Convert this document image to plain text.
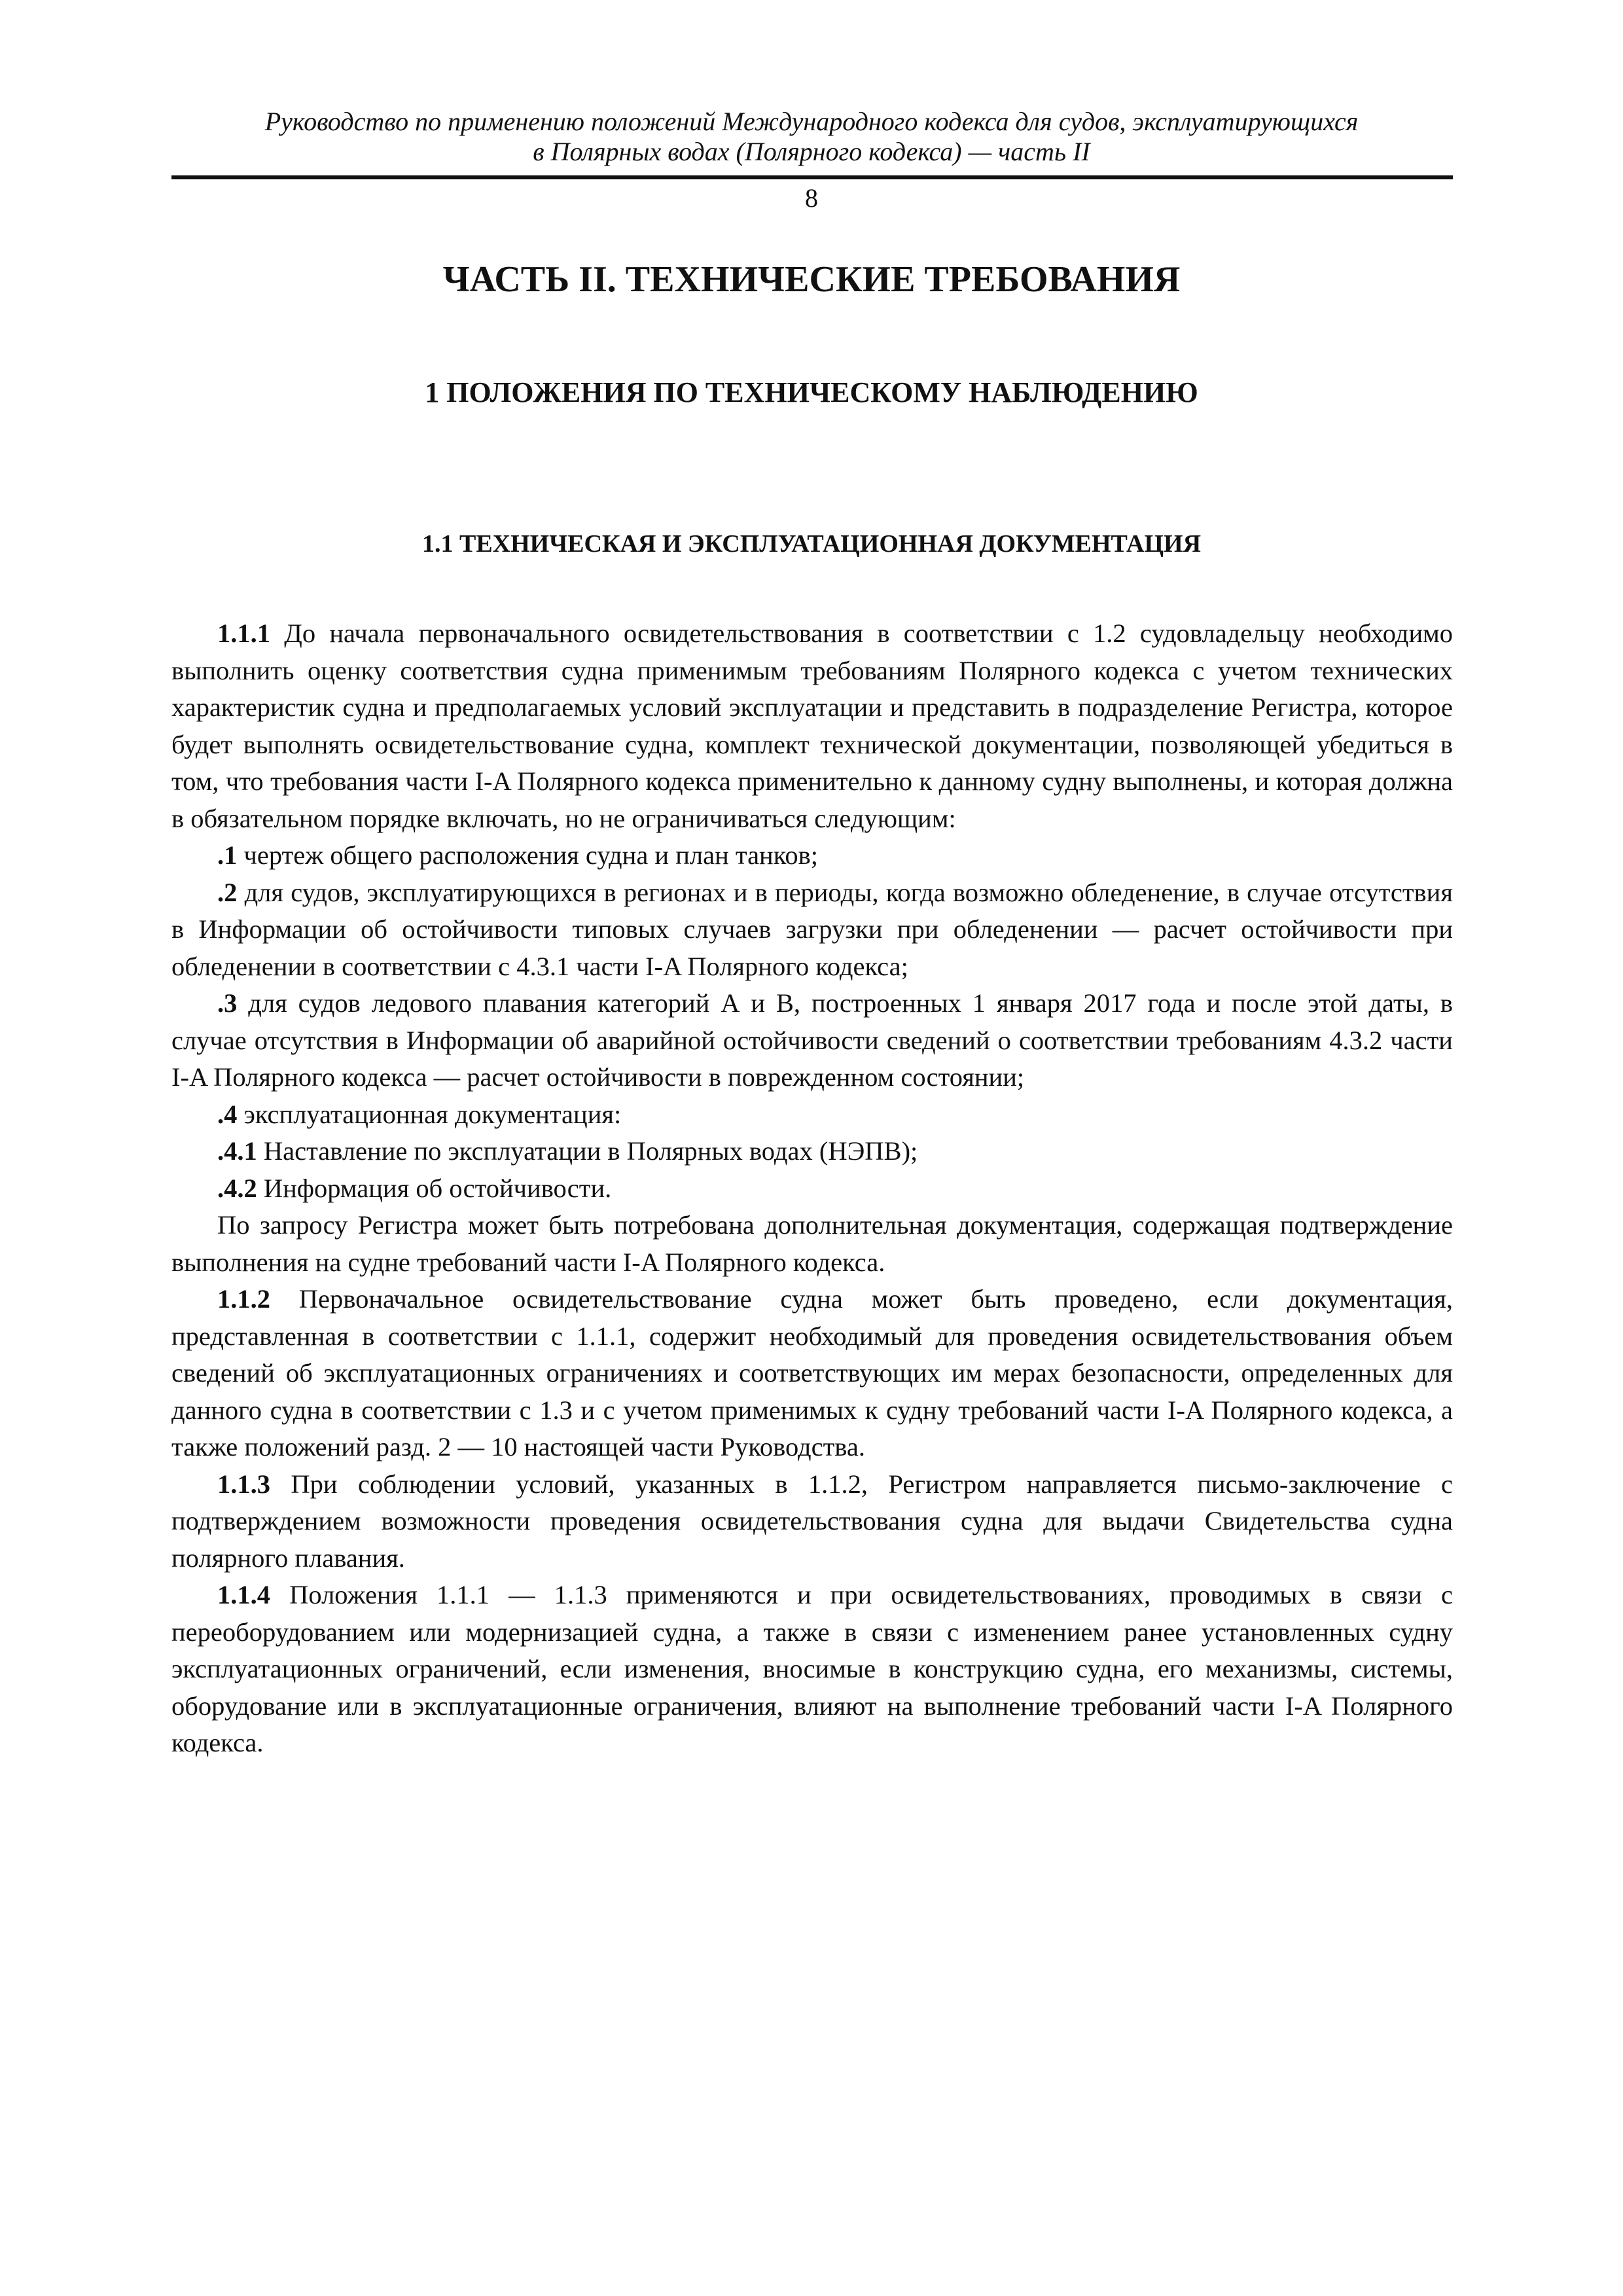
Руководство по применению положений Международного кодекса для судов, эксплуатирующихся
в Полярных водах (Полярного кодекса) — часть II
8
ЧАСТЬ II. ТЕХНИЧЕСКИЕ ТРЕБОВАНИЯ
1 ПОЛОЖЕНИЯ ПО ТЕХНИЧЕСКОМУ НАБЛЮДЕНИЮ
1.1 ТЕХНИЧЕСКАЯ И ЭКСПЛУАТАЦИОННАЯ ДОКУМЕНТАЦИЯ

1.1.1 До начала первоначального освидетельствования в соответствии с 1.2 судовладельцу необходимо выполнить оценку соответствия судна применимым требованиям Полярного кодекса с учетом технических характеристик судна и предполагаемых условий эксплуатации и представить в подразделение Регистра, которое будет выполнять освидетельствование судна, комплект технической документации, позволяющей убедиться в том, что требования части I-A Полярного кодекса применительно к данному судну выполнены, и которая должна в обязательном порядке включать, но не ограничиваться следующим:

.1 чертеж общего расположения судна и план танков;

.2 для судов, эксплуатирующихся в регионах и в периоды, когда возможно обледенение, в случае отсутствия в Информации об остойчивости типовых случаев загрузки при обледенении — расчет остойчивости при обледенении в соответствии с 4.3.1 части I-A Полярного кодекса;

.3 для судов ледового плавания категорий А и В, построенных 1 января 2017 года и после этой даты, в случае отсутствия в Информации об аварийной остойчивости сведений о соответствии требованиям 4.3.2 части I-A Полярного кодекса — расчет остойчивости в поврежденном состоянии;

.4 эксплуатационная документация:

.4.1 Наставление по эксплуатации в Полярных водах (НЭПВ);

.4.2 Информация об остойчивости.

По запросу Регистра может быть потребована дополнительная документация, содержащая подтверждение выполнения на судне требований части I-A Полярного кодекса.

1.1.2 Первоначальное освидетельствование судна может быть проведено, если документация, представленная в соответствии с 1.1.1, содержит необходимый для проведения освидетельствования объем сведений об эксплуатационных ограничениях и соответствующих им мерах безопасности, определенных для данного судна в соответствии с 1.3 и с учетом применимых к судну требований части I-A Полярного кодекса, а также положений разд. 2 — 10 настоящей части Руководства.

1.1.3 При соблюдении условий, указанных в 1.1.2, Регистром направляется письмо-заключение с подтверждением возможности проведения освидетельствования судна для выдачи Свидетельства судна полярного плавания.

1.1.4 Положения 1.1.1 — 1.1.3 применяются и при освидетельствованиях, проводимых в связи с переоборудованием или модернизацией судна, а также в связи с изменением ранее установленных судну эксплуатационных ограничений, если изменения, вносимые в конструкцию судна, его механизмы, системы, оборудование или в эксплуатационные ограничения, влияют на выполнение требований части I-A Полярного кодекса.
